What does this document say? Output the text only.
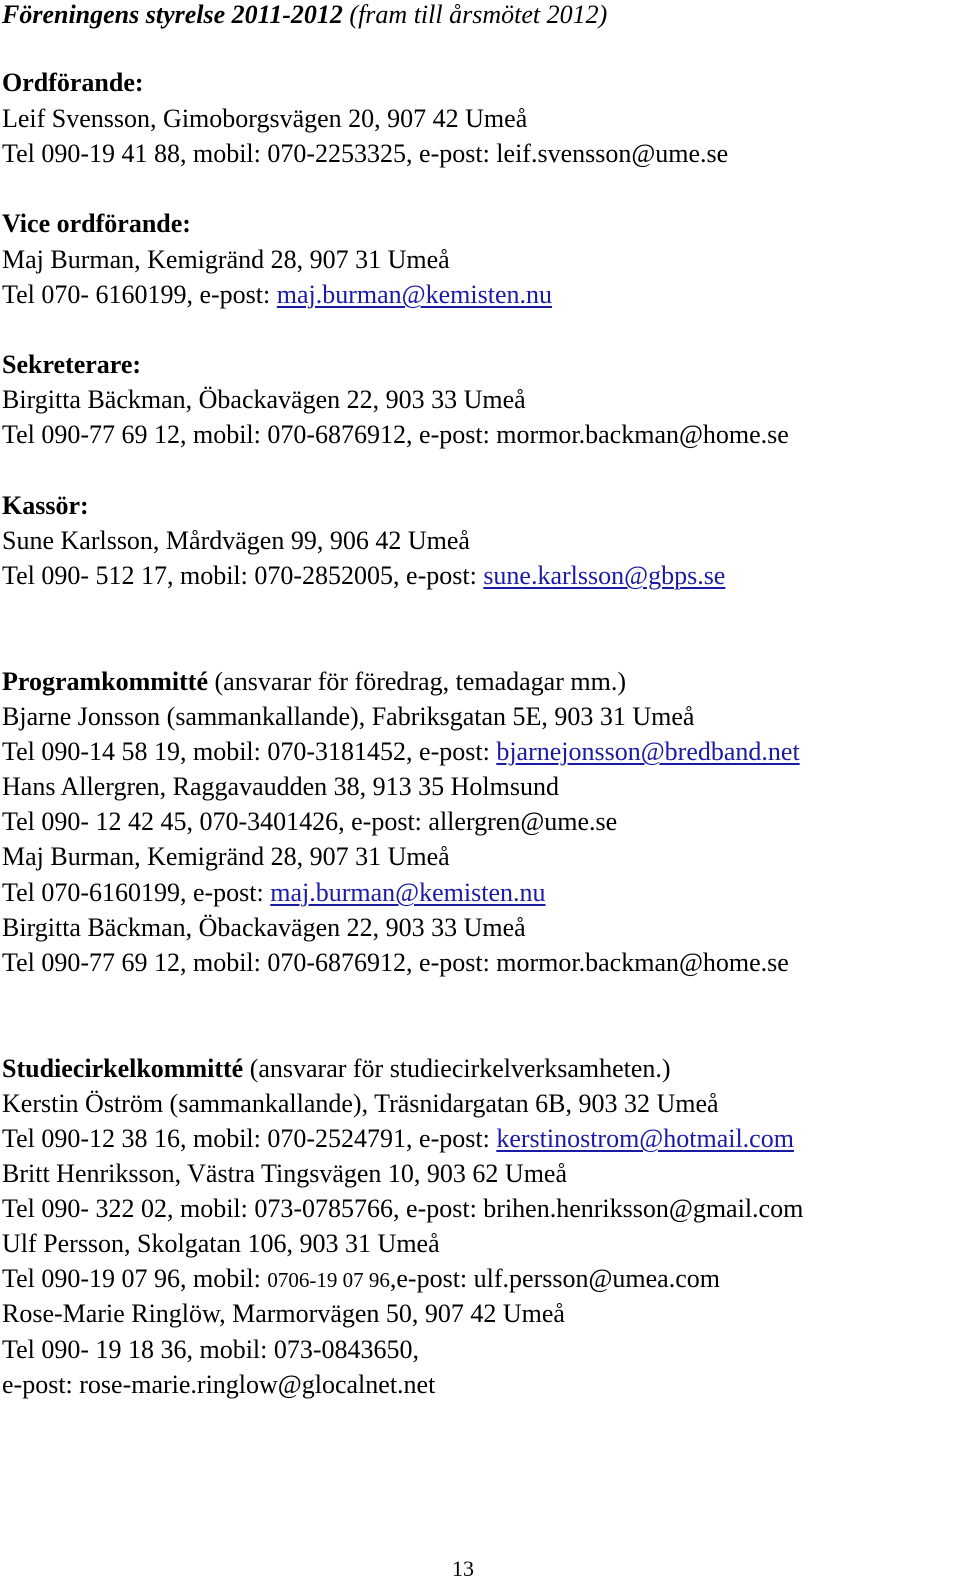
Föreningens styrelse 2011-2012 (fram till årsmötet 2012)
Ordförande:
Leif Svensson, Gimoborgsvägen 20, 907 42 Umeå
Tel 090-19 41 88, mobil: 070-2253325, e-post: leif.svensson@ume.se
Vice ordförande:
Maj Burman, Kemigränd 28, 907 31 Umeå
Tel 070- 6160199, e-post: maj.burman@kemisten.nu
Sekreterare:
Birgitta Bäckman, Öbackavägen 22, 903 33 Umeå
Tel 090-77 69 12, mobil: 070-6876912, e-post: mormor.backman@home.se
Kassör:
Sune Karlsson, Mårdvägen 99, 906 42 Umeå
Tel 090- 512 17, mobil: 070-2852005, e-post: sune.karlsson@gbps.se
Programkommitté (ansvarar för föredrag, temadagar mm.)
Bjarne Jonsson (sammankallande), Fabriksgatan 5E, 903 31 Umeå
Tel 090-14 58 19, mobil: 070-3181452, e-post: bjarnejonsson@bredband.net
Hans Allergren, Raggavaudden 38, 913 35 Holmsund
Tel 090- 12 42 45, 070-3401426, e-post: allergren@ume.se
Maj Burman, Kemigränd 28, 907 31 Umeå
Tel 070-6160199, e-post: maj.burman@kemisten.nu
Birgitta Bäckman, Öbackavägen 22, 903 33 Umeå
Tel 090-77 69 12, mobil: 070-6876912, e-post: mormor.backman@home.se
Studiecirkelkommitté (ansvarar för studiecirkelverksamheten.)
Kerstin Öström (sammankallande), Träsnidargatan 6B, 903 32 Umeå
Tel 090-12 38 16, mobil: 070-2524791, e-post: kerstinostrom@hotmail.com
Britt Henriksson, Västra Tingsvägen 10, 903 62 Umeå
Tel 090- 322 02, mobil: 073-0785766, e-post: brihen.henriksson@gmail.com
Ulf Persson, Skolgatan 106, 903 31 Umeå
Tel 090-19 07 96, mobil: 0706-19 07 96,e-post: ulf.persson@umea.com
Rose-Marie Ringlöw, Marmorvägen 50, 907 42 Umeå
Tel 090- 19 18 36, mobil: 073-0843650,
e-post: rose-marie.ringlow@glocalnet.net
13
